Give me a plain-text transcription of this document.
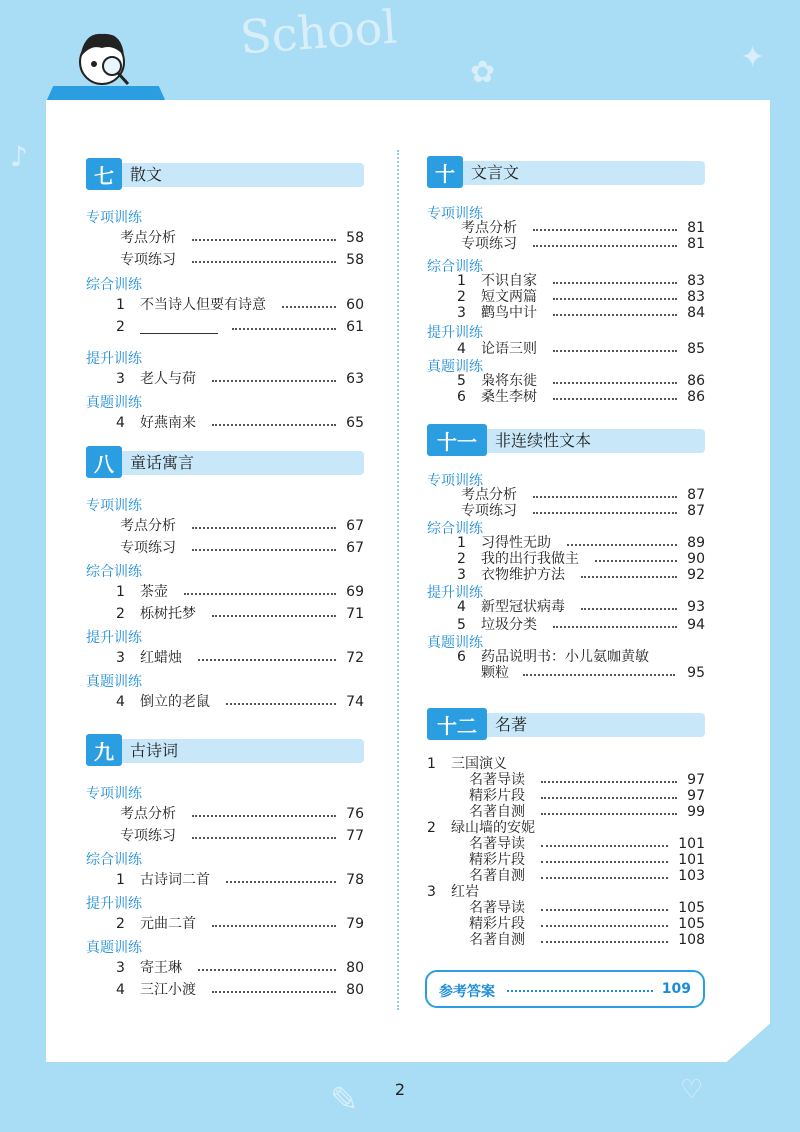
School
✿
♡
✎
♪
✦
七	散文
专项训练
考点分析	58
专项练习	58
综合训练
1 不当诗人但要有诗意	60
2	61
提升训练
3 老人与荷	63
真题训练
4 好燕南来	65
八	童话寓言
专项训练
考点分析	67
专项练习	67
综合训练
1 茶壶	69
2 栎树托梦	71
提升训练
3 红蜡烛	72
真题训练
4 倒立的老鼠	74
九	古诗词
专项训练
考点分析	76
专项练习	77
综合训练
1 古诗词二首	78
提升训练
2 元曲二首	79
真题训练
3 寄王琳	80
4 三江小渡	80
十	文言文
专项训练
考点分析	81
专项练习	81
综合训练
1 不识自家	83
2 短文两篇	83
3 鹳鸟中计	84
提升训练
4 论语三则	85
真题训练
5 枭将东徙	86
6 桑生李树	86
十一	非连续性文本
专项训练
考点分析	87
专项练习	87
综合训练
1 习得性无助	89
2 我的出行我做主	90
3 衣物维护方法	92
提升训练
4 新型冠状病毒	93
5 垃圾分类	94
真题训练
6 药品说明书：小儿氨咖黄敏
颗粒	95
十二	名著
1 三国演义
名著导读	97
精彩片段	97
名著自测	99
2 绿山墙的安妮
名著导读	101
精彩片段	101
名著自测	103
3 红岩
名著导读	105
精彩片段	105
名著自测	108
参考答案	109
2
